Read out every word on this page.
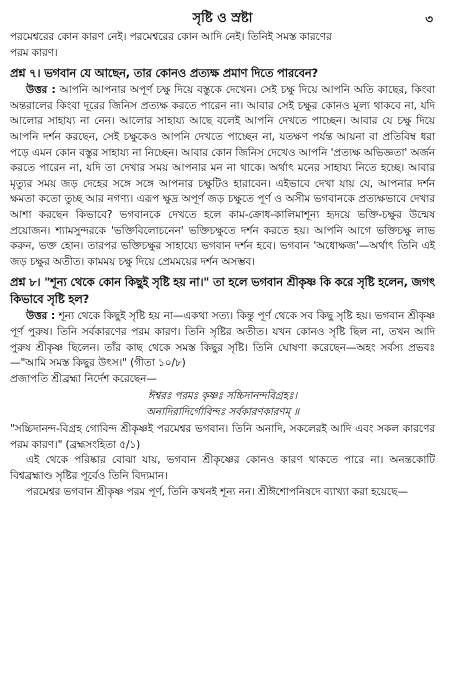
সৃষ্টি ও স্রষ্টা	৩

পরমেশ্বরের কোন কারণ নেই। পরমেশ্বরের কোন আদি নেই। তিনিই সমস্ত কারণের

পরম কারণ।

প্রশ্ন ৭। ভগবান যে আছেন, তার কোনও প্রত্যক্ষ প্রমাণ দিতে পারবেন?

উত্তর : আপনি আপনার অপূর্ণ চক্ষু দিয়ে বস্তুকে দেখেন। সেই চক্ষু দিয়ে আপনি অতি কাছের, কিংবা অন্তরালের কিংবা দূরের জিনিস প্রত্যক্ষ করতে পারেন না। আবার সেই চক্ষুর কোনও মূল্য থাকবে না, যদি আলোর সাহায্য না নেন। আলোর সাহায্য আছে বলেই আপনি দেখতে পাচ্ছেন। আবার যে চক্ষু দিয়ে আপনি দর্শন করছেন, সেই চক্ষুকেও আপনি দেখতে পাচ্ছেন না, যতক্ষণ পর্যন্ত আয়না বা প্রতিবিম্ব ধরা পড়ে এমন কোন বস্তুর সাহায্য না নিচ্ছেন। আবার কোন জিনিস দেখেও আপনি 'প্রত্যক্ষ অভিজ্ঞতা' অর্জন করতে পারেন না, যদি তা দেখার সময় আপনার মন না থাকে। অর্থাৎ মনের সাহায্য নিতে হচ্ছে। আবার মৃত্যুর সময় জড় দেহের সঙ্গে সঙ্গে আপনার চক্ষুটিও হারাবেন। এইভাবে দেখা যায় যে, আপনার দর্শন ক্ষমতা কতো তুচ্ছ আর নগণ্য। এরূপ ক্ষুদ্র অপূর্ণ জড় চক্ষুতে পূর্ণ ও অসীম ভগবানকে প্রত্যক্ষভাবে দেখার আশা করছেন কিভাবে? ভগবানকে দেখতে হলে কাম-ক্রোধ-কালিমাশূন্য হৃদয়ে ভক্তি-চক্ষুর উন্মেষ প্রয়োজন। শ্যামসুন্দরকে 'ভক্তিবিলোচনেন' ভক্তিচক্ষুতে দর্শন করতে হয়। আপনি আগে ভক্তিচক্ষু লাভ করুন, ভক্ত হোন। তারপর ভক্তিচক্ষুর সাহায্যে ভগবান দর্শন হবে। ভগবান 'অধোক্ষজ'—অর্থাৎ তিনি এই জড় চক্ষুর অতীত। কামময় চক্ষু দিয়ে প্রেমময়ের দর্শন অসম্ভব।

প্রশ্ন ৮। "শূন্য থেকে কোন কিছুই সৃষ্টি হয় না।" তা হলে ভগবান শ্রীকৃষ্ণ কি করে সৃষ্টি হলেন, জগৎ কিভাবে সৃষ্টি হল?

উত্তর : শূন্য থেকে কিছুই সৃষ্টি হয় না—একথা সত্য। কিন্তু পূর্ণ থেকে সব কিছু সৃষ্টি হয়। ভগবান শ্রীকৃষ্ণ পূর্ণ পুরুষ। তিনি সর্বকারণের পরম কারণ। তিনি সৃষ্টির অতীত। যখন কোনও সৃষ্টি ছিল না, তখন আদি পুরুষ শ্রীকৃষ্ণ ছিলেন। তাঁর কাছ থেকে সমস্ত কিছুর সৃষ্টি। তিনি ঘোষণা করেছেন—অহং সর্বস্য প্রভবঃ—"আমি সমস্ত কিছুর উৎস।" (গীতা ১০/৮)

প্রজাপতি শ্রীব্রহ্মা নির্দেশ করেছেন—

ঈশ্বরঃ পরমঃ কৃষ্ণঃ সচ্চিদানন্দবিগ্রহঃ।

অনাদিরাদির্গোবিন্দঃ সর্বকারণকারণম্ ॥

"সচ্চিদানন্দ-বিগ্রহ গোবিন্দ শ্রীকৃষ্ণই পরমেশ্বর ভগবান। তিনি অনাদি, সকলেরই আদি এবং সকল কারণের পরম কারণ।" (ব্রহ্মসংহিতা ৫/১)

এই থেকে পরিষ্কার বোঝা যায়, ভগবান শ্রীকৃষ্ণের কোনও কারণ থাকতে পারে না। অনন্তকোটি বিশ্বব্রহ্মাণ্ড সৃষ্টির পূর্বেও তিনি বিদ্যমান।

পরমেশ্বর ভগবান শ্রীকৃষ্ণ পরম পূর্ণ, তিনি কখনই শূন্য নন। শ্রীঈশোপনিষদে ব্যাখ্যা করা হয়েছে—
